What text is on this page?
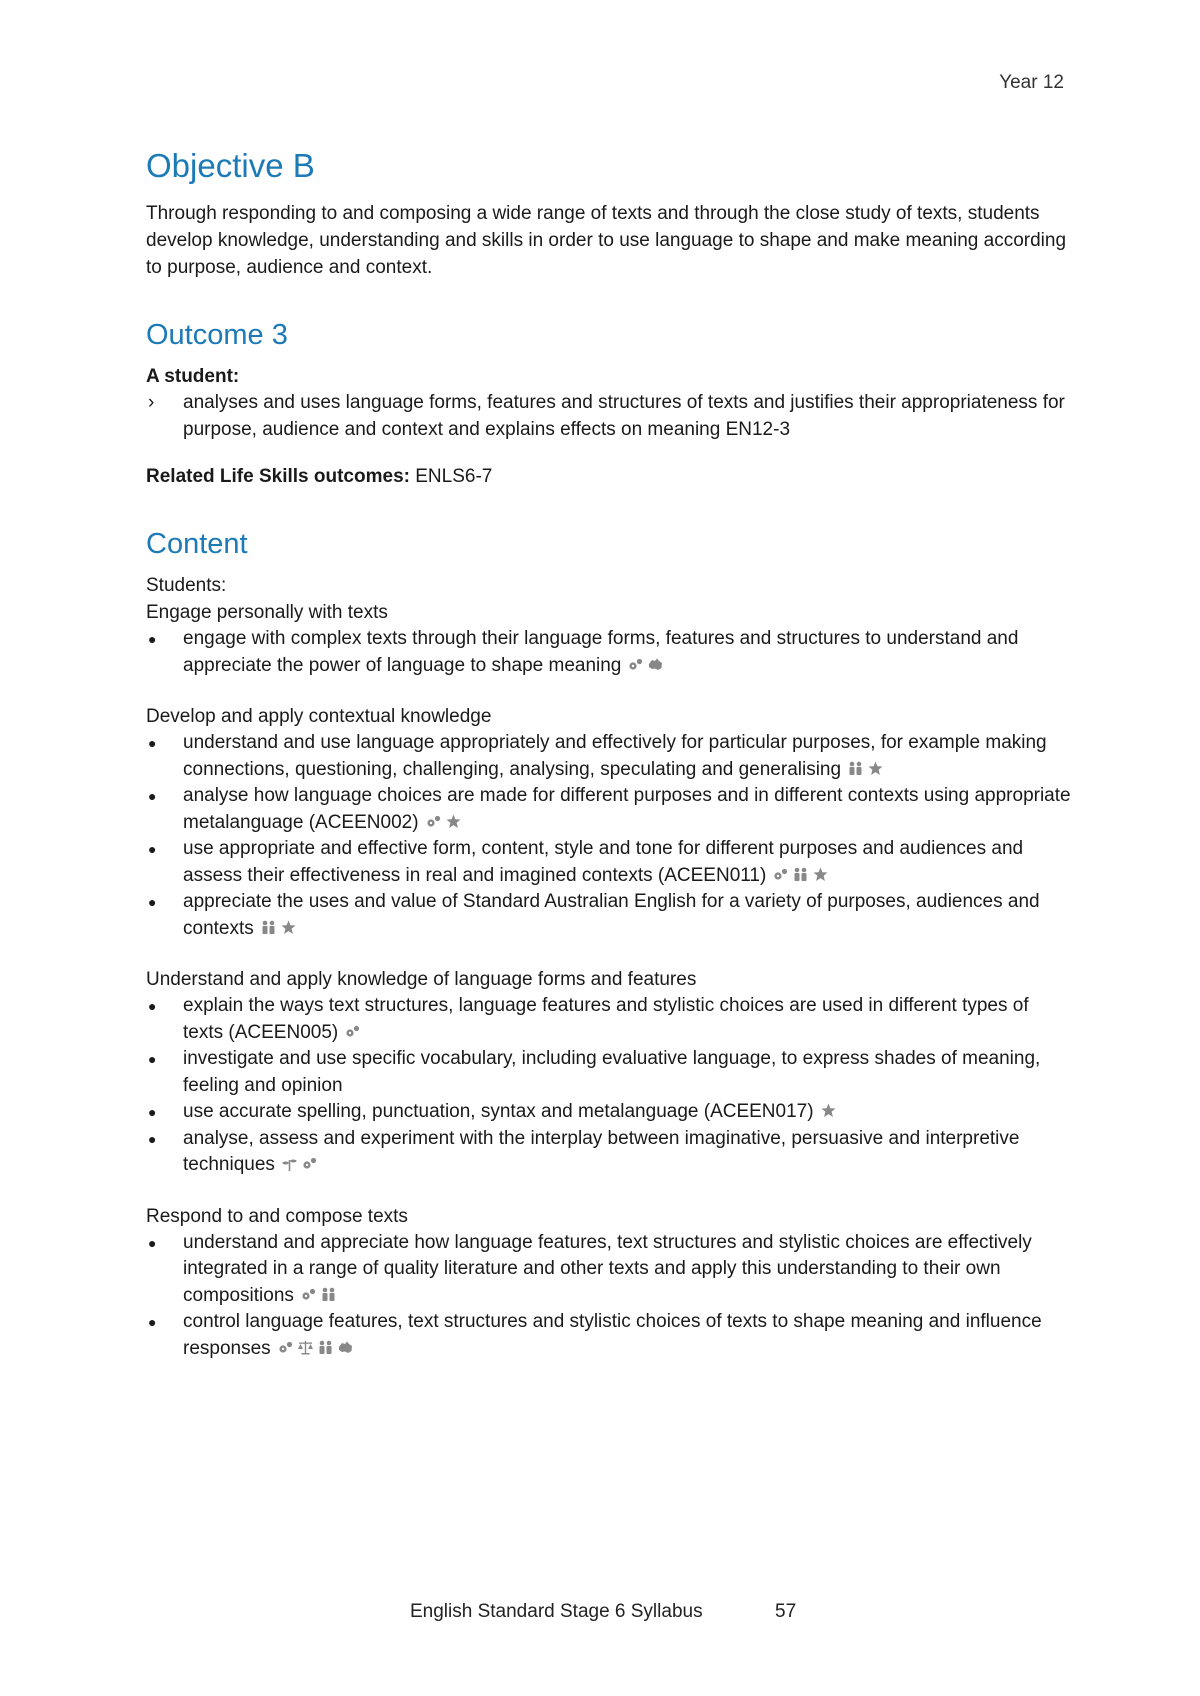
Year 12
Objective B

Through responding to and composing a wide range of texts and through the close study of texts, students develop knowledge, understanding and skills in order to use language to shape and make meaning according to purpose, audience and context.

Outcome 3

A student:

› analyses and uses language forms, features and structures of texts and justifies their appropriateness for purpose, audience and context and explains effects on meaning EN12-3

Related Life Skills outcomes: ENLS6-7

Content

Students:

Engage personally with texts

● engage with complex texts through their language forms, features and structures to understand and appreciate the power of language to shape meaning

Develop and apply contextual knowledge

● understand and use language appropriately and effectively for particular purposes, for example making connections, questioning, challenging, analysing, speculating and generalising
● analyse how language choices are made for different purposes and in different contexts using appropriate metalanguage (ACEEN002)
● use appropriate and effective form, content, style and tone for different purposes and audiences and assess their effectiveness in real and imagined contexts (ACEEN011)
● appreciate the uses and value of Standard Australian English for a variety of purposes, audiences and contexts

Understand and apply knowledge of language forms and features

● explain the ways text structures, language features and stylistic choices are used in different types of texts (ACEEN005)
● investigate and use specific vocabulary, including evaluative language, to express shades of meaning, feeling and opinion
● use accurate spelling, punctuation, syntax and metalanguage (ACEEN017)
● analyse, assess and experiment with the interplay between imaginative, persuasive and interpretive techniques

Respond to and compose texts

● understand and appreciate how language features, text structures and stylistic choices are effectively integrated in a range of quality literature and other texts and apply this understanding to their own compositions
● control language features, text structures and stylistic choices of texts to shape meaning and influence responses
English Standard Stage 6 Syllabus	57
